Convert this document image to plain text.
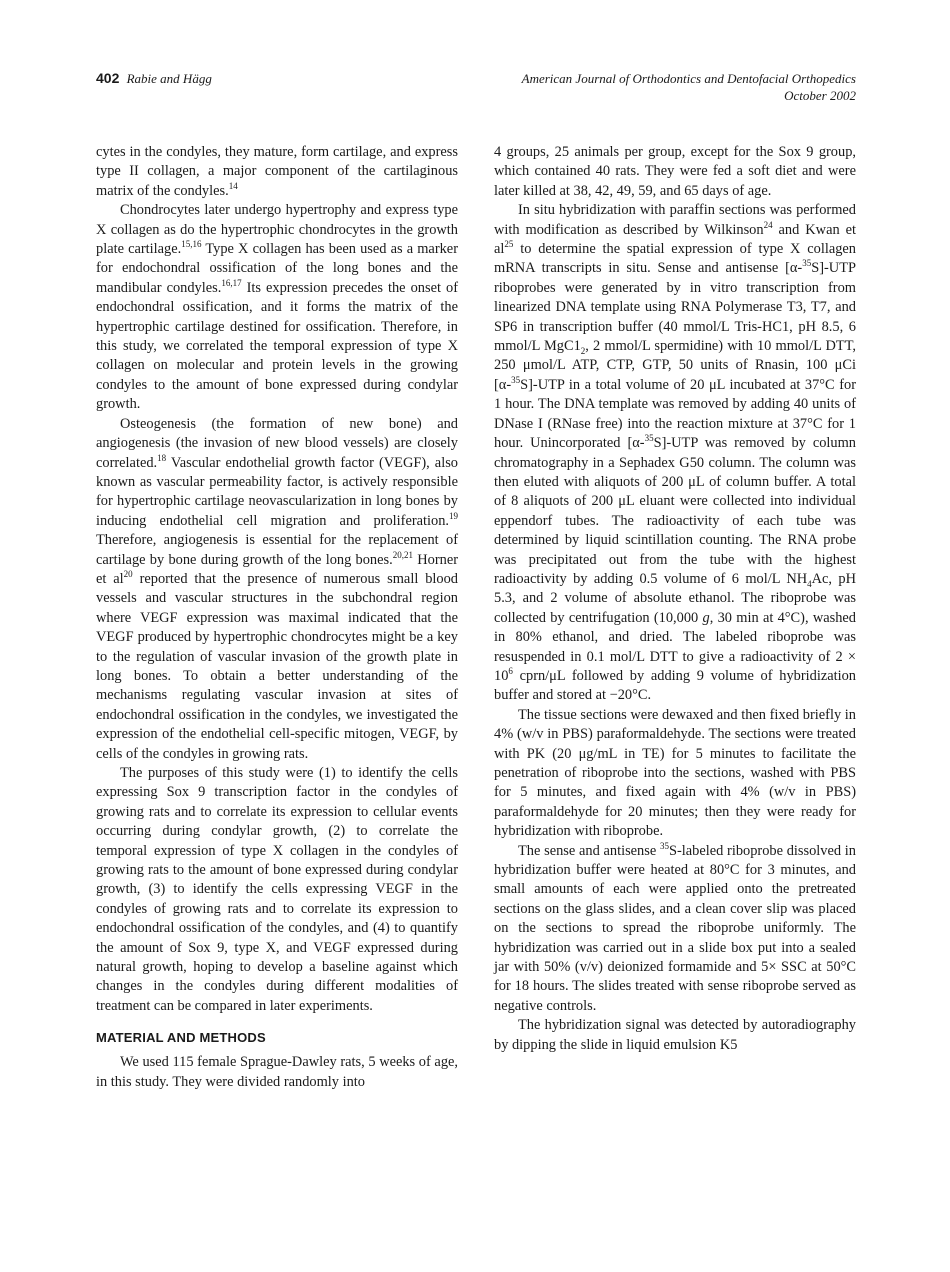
402 Rabie and Hägg	American Journal of Orthodontics and Dentofacial Orthopedics
October 2002

cytes in the condyles, they mature, form cartilage, and express type II collagen, a major component of the cartilaginous matrix of the condyles.$^{14}$

Chondrocytes later undergo hypertrophy and express type X collagen as do the hypertrophic chondrocytes in the growth plate cartilage.$^{15,16}$ Type X collagen has been used as a marker for endochondral ossification of the long bones and the mandibular condyles.$^{16,17}$ Its expression precedes the onset of endochondral ossification, and it forms the matrix of the hypertrophic cartilage destined for ossification. Therefore, in this study, we correlated the temporal expression of type X collagen on molecular and protein levels in the growing condyles to the amount of bone expressed during condylar growth.

Osteogenesis (the formation of new bone) and angiogenesis (the invasion of new blood vessels) are closely correlated.$^{18}$ Vascular endothelial growth factor (VEGF), also known as vascular permeability factor, is actively responsible for hypertrophic cartilage neovascularization in long bones by inducing endothelial cell migration and proliferation.$^{19}$ Therefore, angiogenesis is essential for the replacement of cartilage by bone during growth of the long bones.$^{20,21}$ Horner et $al^{20}$ reported that the presence of numerous small blood vessels and vascular structures in the subchondral region where VEGF expression was maximal indicated that the VEGF produced by hypertrophic chondrocytes might be a key to the regulation of vascular invasion of the growth plate in long bones. To obtain a better understanding of the mechanisms regulating vascular invasion at sites of endochondral ossification in the condyles, we investigated the expression of the endothelial cell-specific mitogen, VEGF, by cells of the condyles in growing rats.

The purposes of this study were (1) to identify the cells expressing Sox 9 transcription factor in the condyles of growing rats and to correlate its expression to cellular events occurring during condylar growth, (2) to correlate the temporal expression of type X collagen in the condyles of growing rats to the amount of bone expressed during condylar growth, (3) to identify the cells expressing VEGF in the condyles of growing rats and to correlate its expression to endochondral ossification of the condyles, and (4) to quantify the amount of Sox 9, type X, and VEGF expressed during natural growth, hoping to develop a baseline against which changes in the condyles during different modalities of treatment can be compared in later experiments.

MATERIAL AND METHODS

We used 115 female Sprague-Dawley rats, 5 weeks of age, in this study. They were divided randomly into

4 groups, 25 animals per group, except for the Sox 9 group, which contained 40 rats. They were fed a soft diet and were later killed at 38, 42, 49, 59, and 65 days of age.

In situ hybridization with paraffin sections was performed with modification as described by Wilkinson$^{24}$ and Kwan et $al^{25}$ to determine the spatial expression of type X collagen mRNA transcripts in situ. Sense and antisense [α-$^{35}$S]-UTP riboprobes were generated by in vitro transcription from linearized DNA template using RNA Polymerase T3, T7, and SP6 in transcription buffer (40 mmol/L Tris-HC1, pH 8.5, 6 mmol/L $MgC1_2$, 2 mmol/L spermidine) with 10 mmol/L DTT, 250 μmol/L ATP, CTP, GTP, 50 units of Rnasin, 100 μCi [α-$^{35}$S]-UTP in a total volume of 20 μL incubated at 37°C for 1 hour. The DNA template was removed by adding 40 units of DNase I (RNase free) into the reaction mixture at 37°C for 1 hour. Unincorporated [α-$^{35}$S]-UTP was removed by column chromatography in a Sephadex G50 column. The column was then eluted with aliquots of 200 μL of column buffer. A total of 8 aliquots of 200 μL eluant were collected into individual eppendorf tubes. The radioactivity of each tube was determined by liquid scintillation counting. The RNA probe was precipitated out from the tube with the highest radioactivity by adding 0.5 volume of 6 mol/L $NH_4Ac$, pH 5.3, and 2 volume of absolute ethanol. The riboprobe was collected by centrifugation (10,000 g, 30 min at 4°C), washed in 80% ethanol, and dried. The labeled riboprobe was resuspended in 0.1 mol/L DTT to give a radioactivity of $2 \times 10^6$ cprn/μL followed by adding 9 volume of hybridization buffer and stored at −20°C.

The tissue sections were dewaxed and then fixed briefly in 4% (w/v in PBS) paraformaldehyde. The sections were treated with PK (20 μg/mL in TE) for 5 minutes to facilitate the penetration of riboprobe into the sections, washed with PBS for 5 minutes, and fixed again with 4% (w/v in PBS) paraformaldehyde for 20 minutes; then they were ready for hybridization with riboprobe.

The sense and antisense $^{35}$S-labeled riboprobe dissolved in hybridization buffer were heated at 80°C for 3 minutes, and small amounts of each were applied onto the pretreated sections on the glass slides, and a clean cover slip was placed on the sections to spread the riboprobe uniformly. The hybridization was carried out in a slide box put into a sealed jar with 50% (v/v) deionized formamide and 5× SSC at 50°C for 18 hours. The slides treated with sense riboprobe served as negative controls.

The hybridization signal was detected by autoradiography by dipping the slide in liquid emulsion K5
